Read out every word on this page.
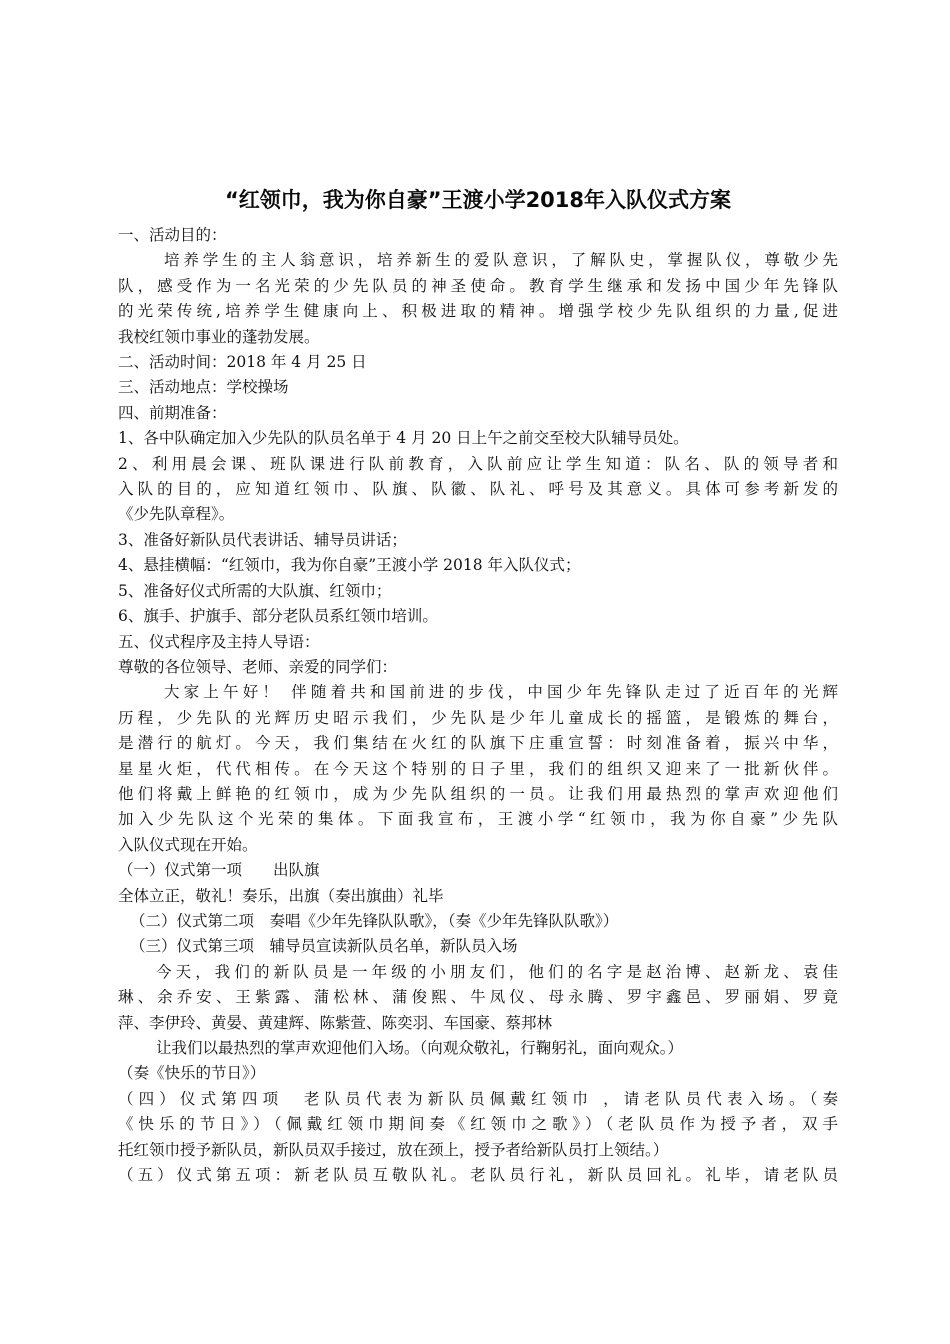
“红领巾，我为你自豪”王渡小学2018年入队仪式方案
一、活动目的：
培养学生的主人翁意识，培养新生的爱队意识，了解队史，掌握队仪，尊敬少先
队，感受作为一名光荣的少先队员的神圣使命。教育学生继承和发扬中国少年先锋队
的光荣传统,培养学生健康向上、积极进取的精神。增强学校少先队组织的力量,促进
我校红领巾事业的蓬勃发展。
二、活动时间：2018 年 4 月 25 日
三、活动地点：学校操场
四、前期准备：
1、各中队确定加入少先队的队员名单于 4 月 20 日上午之前交至校大队辅导员处。
2、利用晨会课、班队课进行队前教育，入队前应让学生知道：队名、队的领导者和
入队的目的，应知道红领巾、队旗、队徽、队礼、呼号及其意义。具体可参考新发的
《少先队章程》。
3、准备好新队员代表讲话、辅导员讲话；
4、悬挂横幅：“红领巾，我为你自豪”王渡小学 2018 年入队仪式；
5、准备好仪式所需的大队旗、红领巾；
6、旗手、护旗手、部分老队员系红领巾培训。
五、仪式程序及主持人导语：
尊敬的各位领导、老师、亲爱的同学们：
大家上午好！ 伴随着共和国前进的步伐，中国少年先锋队走过了近百年的光辉
历程，少先队的光辉历史昭示我们，少先队是少年儿童成长的摇篮，是锻炼的舞台，
是潜行的航灯。今天，我们集结在火红的队旗下庄重宣誓：时刻准备着，振兴中华，
星星火炬，代代相传。在今天这个特别的日子里，我们的组织又迎来了一批新伙伴。
他们将戴上鲜艳的红领巾，成为少先队组织的一员。让我们用最热烈的掌声欢迎他们
加入少先队这个光荣的集体。下面我宣布，王渡小学“红领巾，我为你自豪”少先队
入队仪式现在开始。
（一）仪式第一项　　出队旗
全体立正，敬礼！奏乐，出旗（奏出旗曲）礼毕
（二）仪式第二项　奏唱《少年先锋队队歌》，（奏《少年先锋队队歌》）
（三）仪式第三项　辅导员宣读新队员名单，新队员入场
今天，我们的新队员是一年级的小朋友们，他们的名字是赵治博、赵新龙、袁佳
琳、余乔安、王紫露、蒲松林、蒲俊熙、牛凤仪、母永腾、罗宇鑫邑、罗丽娟、罗竟
萍、李伊玲、黄晏、黄建辉、陈紫萱、陈奕羽、车国豪、蔡邦林
让我们以最热烈的掌声欢迎他们入场。（向观众敬礼，行鞠躬礼，面向观众。）
（奏《快乐的节日》）
（四）仪式第四项　老队员代表为新队员佩戴红领巾 ，请老队员代表入场。（奏
《快乐的节日》）（佩戴红领巾期间奏《红领巾之歌》）（老队员作为授予者，双手
托红领巾授予新队员，新队员双手接过，放在颈上，授予者给新队员打上领结。）
（五）仪式第五项：新老队员互敬队礼。老队员行礼，新队员回礼。礼毕，请老队员
